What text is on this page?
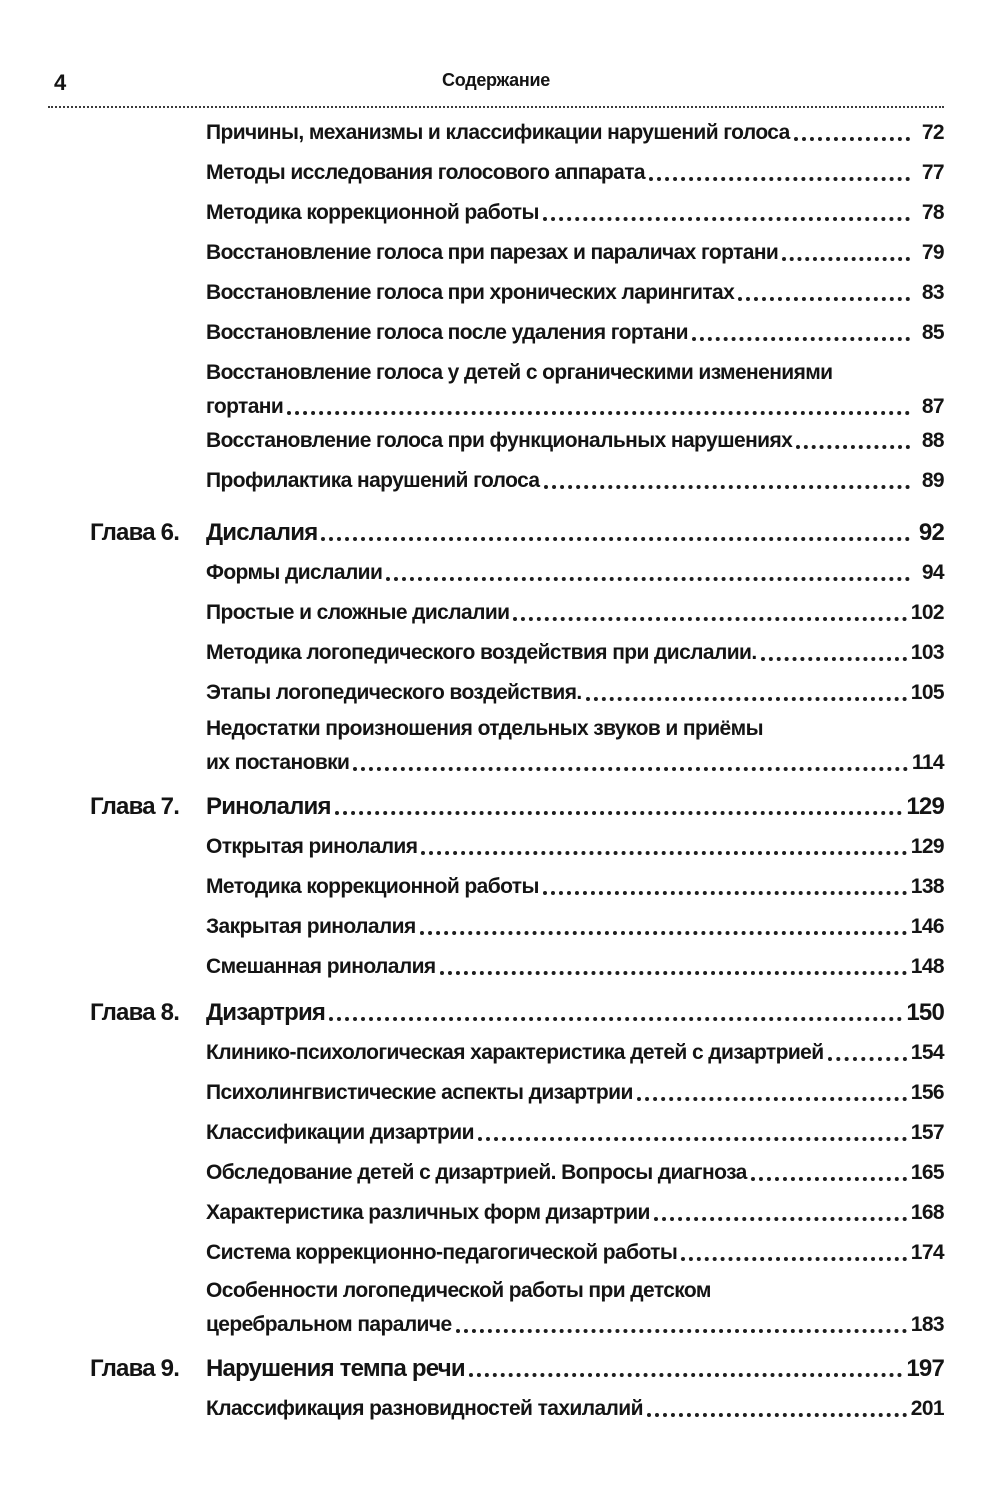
4	Содержание
Причины, механизмы и классификации нарушений голоса	72
Методы исследования голосового аппарата	77
Методика коррекционной работы	78
Восстановление голоса при парезах и параличах гортани	79
Восстановление голоса при хронических ларингитах	83
Восстановление голоса после удаления гортани	85
Восстановление голоса у детей с органическими изменениями
гортани	87
Восстановление голоса при функциональных нарушениях	88
Профилактика нарушений голоса	89
Глава 6. Дислалия	92
Формы дислалии	94
Простые и сложные дислалии	102
Методика логопедического воздействия при дислалии.	103
Этапы логопедического воздействия.	105
Недостатки произношения отдельных звуков и приёмы
их постановки	114
Глава 7. Ринолалия	129
Открытая ринолалия	129
Методика коррекционной работы	138
Закрытая ринолалия	146
Смешанная ринолалия	148
Глава 8. Дизартрия	150
Клинико-психологическая характеристика детей с дизартрией	154
Психолингвистические аспекты дизартрии	156
Классификации дизартрии	157
Обследование детей с дизартрией. Вопросы диагноза	165
Характеристика различных форм дизартрии	168
Система коррекционно-педагогической работы	174
Особенности логопедической работы при детском
церебральном параличе	183
Глава 9. Нарушения темпа речи	197
Классификация разновидностей тахилалий	201
